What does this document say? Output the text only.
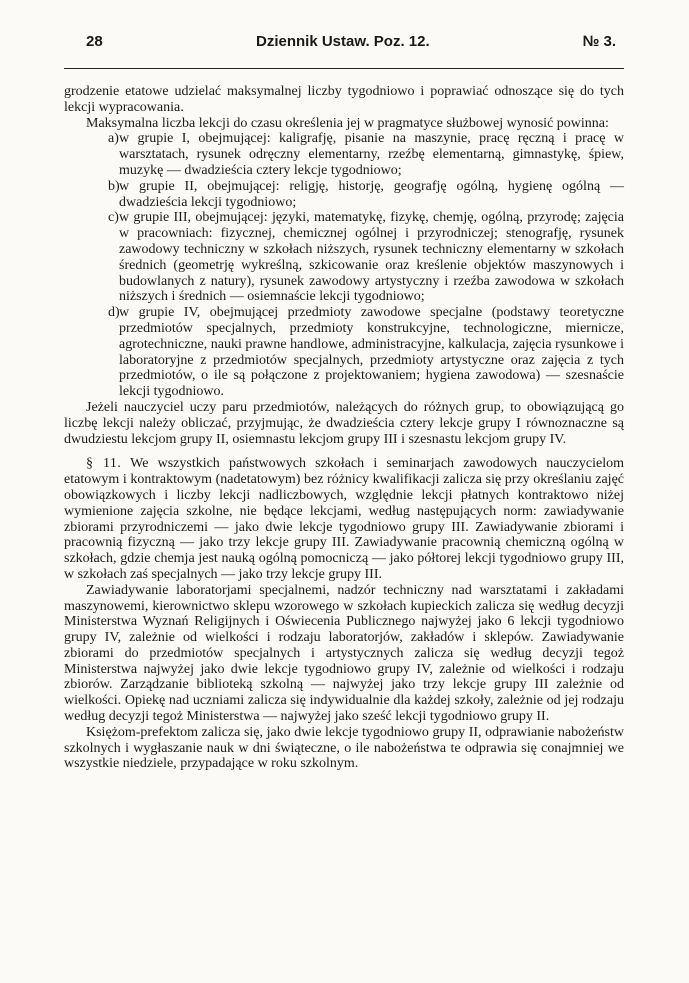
28	Dziennik Ustaw. Poz. 12.	№ 3.

grodzenie etatowe udzielać maksymalnej liczby tygodniowo i poprawiać odnoszące się do tych lekcji wypracowania.

Maksymalna liczba lekcji do czasu określenia jej w pragmatyce służbowej wynosić powinna:

a) w grupie I, obejmującej: kaligrafję, pisanie na maszynie, pracę ręczną i pracę w warsztatach, rysunek odręczny elementarny, rzeźbę elementarną, gimnastykę, śpiew, muzykę — dwadzieścia cztery lekcje tygodniowo;
b) w grupie II, obejmującej: religję, historję, geografję ogólną, hygienę ogólną — dwadzieścia lekcji tygodniowo;
c) w grupie III, obejmującej: języki, matematykę, fizykę, chemję, ogólną, przyrodę; zajęcia w pracowniach: fizycznej, chemicznej ogólnej i przyrodniczej; stenografję, rysunek zawodowy techniczny w szkołach niższych, rysunek techniczny elementarny w szkołach średnich (geometrję wykreślną, szkicowanie oraz kreślenie objektów maszynowych i budowlanych z natury), rysunek zawodowy artystyczny i rzeźba zawodowa w szkołach niższych i średnich — osiemnaście lekcji tygodniowo;
d) w grupie IV, obejmującej przedmioty zawodowe specjalne (podstawy teoretyczne przedmiotów specjalnych, przedmioty konstrukcyjne, technologiczne, miernicze, agrotechniczne, nauki prawne handlowe, administracyjne, kalkulacja, zajęcia rysunkowe i laboratoryjne z przedmiotów specjalnych, przedmioty artystyczne oraz zajęcia z tych przedmiotów, o ile są połączone z projektowaniem; hygiena zawodowa) — szesnaście lekcji tygodniowo.

Jeżeli nauczyciel uczy paru przedmiotów, należących do różnych grup, to obowiązującą go liczbę lekcji należy obliczać, przyjmując, że dwadzieścia cztery lekcje grupy I równoznaczne są dwudziestu lekcjom grupy II, osiemnastu lekcjom grupy III i szesnastu lekcjom grupy IV.

§ 11. We wszystkich państwowych szkołach i seminarjach zawodowych nauczycielom etatowym i kontraktowym (nadetatowym) bez różnicy kwalifikacji zalicza się przy określaniu zajęć obowiązkowych i liczby lekcji nadliczbowych, względnie lekcji płatnych kontraktowo niżej wymienione zajęcia szkolne, nie będące lekcjami, według następujących norm: zawiadywanie zbiorami przyrodniczemi — jako dwie lekcje tygodniowo grupy III. Zawiadywanie zbiorami i pracownią fizyczną — jako trzy lekcje grupy III. Zawiadywanie pracownią chemiczną ogólną w szkołach, gdzie chemja jest nauką ogólną pomocniczą — jako półtorej lekcji tygodniowo grupy III, w szkołach zaś specjalnych — jako trzy lekcje grupy III.

Zawiadywanie laboratorjami specjalnemi, nadzór techniczny nad warsztatami i zakładami maszynowemi, kierownictwo sklepu wzorowego w szkołach kupieckich zalicza się według decyzji Ministerstwa Wyznań Religijnych i Oświecenia Publicznego najwyżej jako 6 lekcji tygodniowo grupy IV, zależnie od wielkości i rodzaju laboratorjów, zakładów i sklepów. Zawiadywanie zbiorami do przedmiotów specjalnych i artystycznych zalicza się według decyzji tegoż Ministerstwa najwyżej jako dwie lekcje tygodniowo grupy IV, zależnie od wielkości i rodzaju zbiorów. Zarządzanie biblioteką szkolną — najwyżej jako trzy lekcje grupy III zależnie od wielkości. Opiekę nad uczniami zalicza się indywidualnie dla każdej szkoły, zależnie od jej rodzaju według decyzji tegoż Ministerstwa — najwyżej jako sześć lekcji tygodniowo grupy II.

Księżom-prefektom zalicza się, jako dwie lekcje tygodniowo grupy II, odprawianie nabożeństw szkolnych i wygłaszanie nauk w dni świąteczne, o ile nabożeństwa te odprawia się conajmniej we wszystkie niedziele, przypadające w roku szkolnym.
